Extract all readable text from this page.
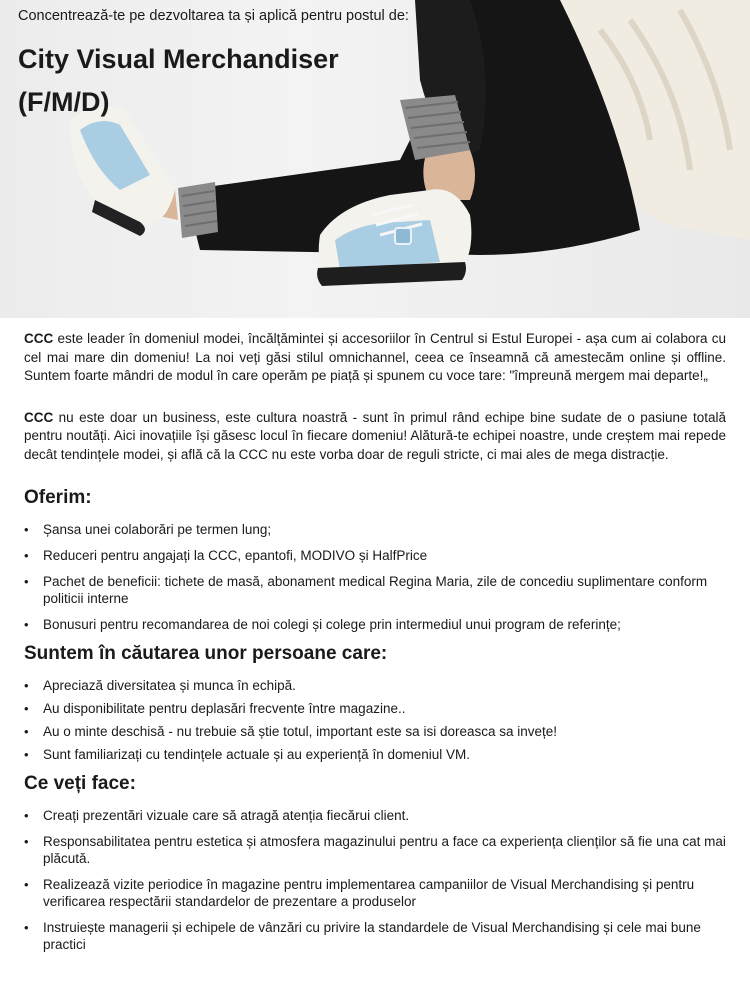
Concentrează-te pe dezvoltarea ta și aplică pentru postul de:
City Visual Merchandiser (F/M/D)

CCC este leader în domeniul modei, încălțămintei și accesoriilor în Centrul si Estul Europei - așa cum ai colabora cu cel mai mare din domeniu! La noi veți găsi stilul omnichannel, ceea ce înseamnă că amestecăm online și offline. Suntem foarte mândri de modul în care operăm pe piață și spunem cu voce tare: "împreună mergem mai departe!„

CCC nu este doar un business, este cultura noastră - sunt în primul rând echipe bine sudate de o pasiune totală pentru noutăți. Aici inovațiile își găsesc locul în fiecare domeniu! Alătură-te echipei noastre, unde creștem mai repede decât tendințele modei, și află că la CCC nu este vorba doar de reguli stricte, ci mai ales de mega distracție.

Oferim:
• Șansa unei colaborări pe termen lung;
• Reduceri pentru angajați la CCC, epantofi, MODIVO și HalfPrice
• Pachet de beneficii: tichete de masă, abonament medical Regina Maria, zile de concediu suplimentare conform politicii interne
• Bonusuri pentru recomandarea de noi colegi și colege prin intermediul unui program de referințe;
Suntem în căutarea unor persoane care:
• Apreciază diversitatea și munca în echipă.
• Au disponibilitate pentru deplasări frecvente între magazine..
• Au o minte deschisă - nu trebuie să știe totul, important este sa isi doreasca sa invețe!
• Sunt familiarizați cu tendințele actuale și au experiență în domeniul VM.
Ce veți face:
• Creați prezentări vizuale care să atragă atenția fiecărui client.
• Responsabilitatea pentru estetica și atmosfera magazinului pentru a face ca experiența clienților să fie una cat mai plăcută.
• Realizează vizite periodice în magazine pentru implementarea campaniilor de Visual Merchandising și pentru verificarea respectării standardelor de prezentare a produselor
• Instruiește managerii și echipele de vânzări cu privire la standardele de Visual Merchandising și cele mai bune practici
